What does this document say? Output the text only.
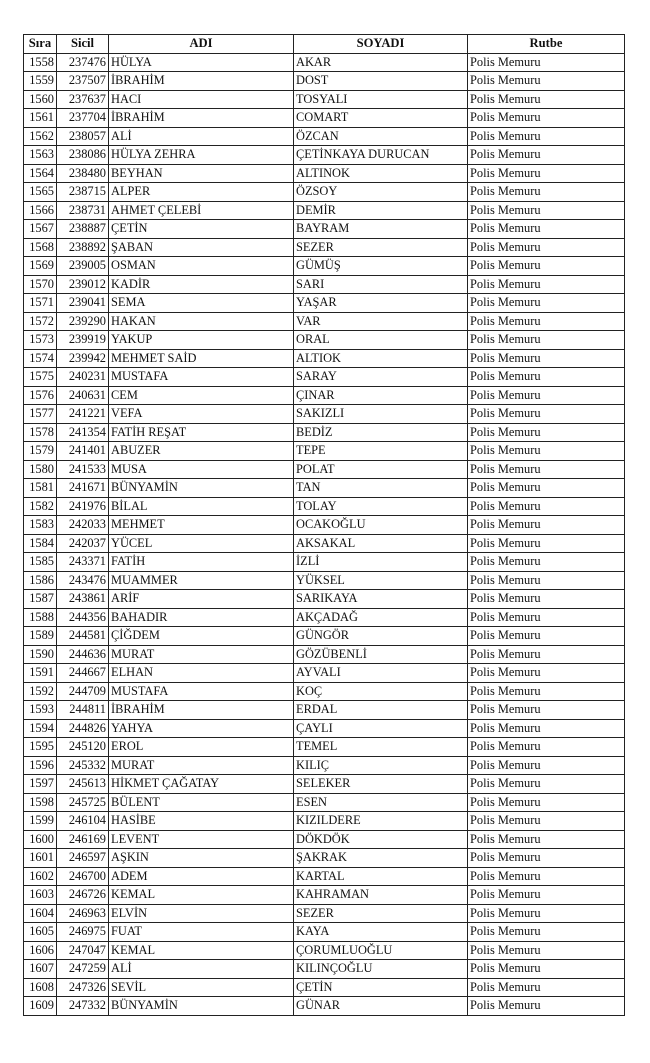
Sıra	Sicil	ADI	SOYADI	Rutbe
1558	237476	HÜLYA	AKAR	Polis Memuru
1559	237507	İBRAHİM	DOST	Polis Memuru
1560	237637	HACI	TOSYALI	Polis Memuru
1561	237704	İBRAHİM	COMART	Polis Memuru
1562	238057	ALİ	ÖZCAN	Polis Memuru
1563	238086	HÜLYA ZEHRA	ÇETİNKAYA DURUCAN	Polis Memuru
1564	238480	BEYHAN	ALTINOK	Polis Memuru
1565	238715	ALPER	ÖZSOY	Polis Memuru
1566	238731	AHMET ÇELEBİ	DEMİR	Polis Memuru
1567	238887	ÇETİN	BAYRAM	Polis Memuru
1568	238892	ŞABAN	SEZER	Polis Memuru
1569	239005	OSMAN	GÜMÜŞ	Polis Memuru
1570	239012	KADİR	SARI	Polis Memuru
1571	239041	SEMA	YAŞAR	Polis Memuru
1572	239290	HAKAN	VAR	Polis Memuru
1573	239919	YAKUP	ORAL	Polis Memuru
1574	239942	MEHMET SAİD	ALTIOK	Polis Memuru
1575	240231	MUSTAFA	SARAY	Polis Memuru
1576	240631	CEM	ÇINAR	Polis Memuru
1577	241221	VEFA	SAKIZLI	Polis Memuru
1578	241354	FATİH REŞAT	BEDİZ	Polis Memuru
1579	241401	ABUZER	TEPE	Polis Memuru
1580	241533	MUSA	POLAT	Polis Memuru
1581	241671	BÜNYAMİN	TAN	Polis Memuru
1582	241976	BİLAL	TOLAY	Polis Memuru
1583	242033	MEHMET	OCAKOĞLU	Polis Memuru
1584	242037	YÜCEL	AKSAKAL	Polis Memuru
1585	243371	FATİH	İZLİ	Polis Memuru
1586	243476	MUAMMER	YÜKSEL	Polis Memuru
1587	243861	ARİF	SARIKAYA	Polis Memuru
1588	244356	BAHADIR	AKÇADAĞ	Polis Memuru
1589	244581	ÇİĞDEM	GÜNGÖR	Polis Memuru
1590	244636	MURAT	GÖZÜBENLİ	Polis Memuru
1591	244667	ELHAN	AYVALI	Polis Memuru
1592	244709	MUSTAFA	KOÇ	Polis Memuru
1593	244811	İBRAHİM	ERDAL	Polis Memuru
1594	244826	YAHYA	ÇAYLI	Polis Memuru
1595	245120	EROL	TEMEL	Polis Memuru
1596	245332	MURAT	KILIÇ	Polis Memuru
1597	245613	HİKMET ÇAĞATAY	SELEKER	Polis Memuru
1598	245725	BÜLENT	ESEN	Polis Memuru
1599	246104	HASİBE	KIZILDERE	Polis Memuru
1600	246169	LEVENT	DÖKDÖK	Polis Memuru
1601	246597	AŞKIN	ŞAKRAK	Polis Memuru
1602	246700	ADEM	KARTAL	Polis Memuru
1603	246726	KEMAL	KAHRAMAN	Polis Memuru
1604	246963	ELVİN	SEZER	Polis Memuru
1605	246975	FUAT	KAYA	Polis Memuru
1606	247047	KEMAL	ÇORUMLUOĞLU	Polis Memuru
1607	247259	ALİ	KILINÇOĞLU	Polis Memuru
1608	247326	SEVİL	ÇETİN	Polis Memuru
1609	247332	BÜNYAMİN	GÜNAR	Polis Memuru
